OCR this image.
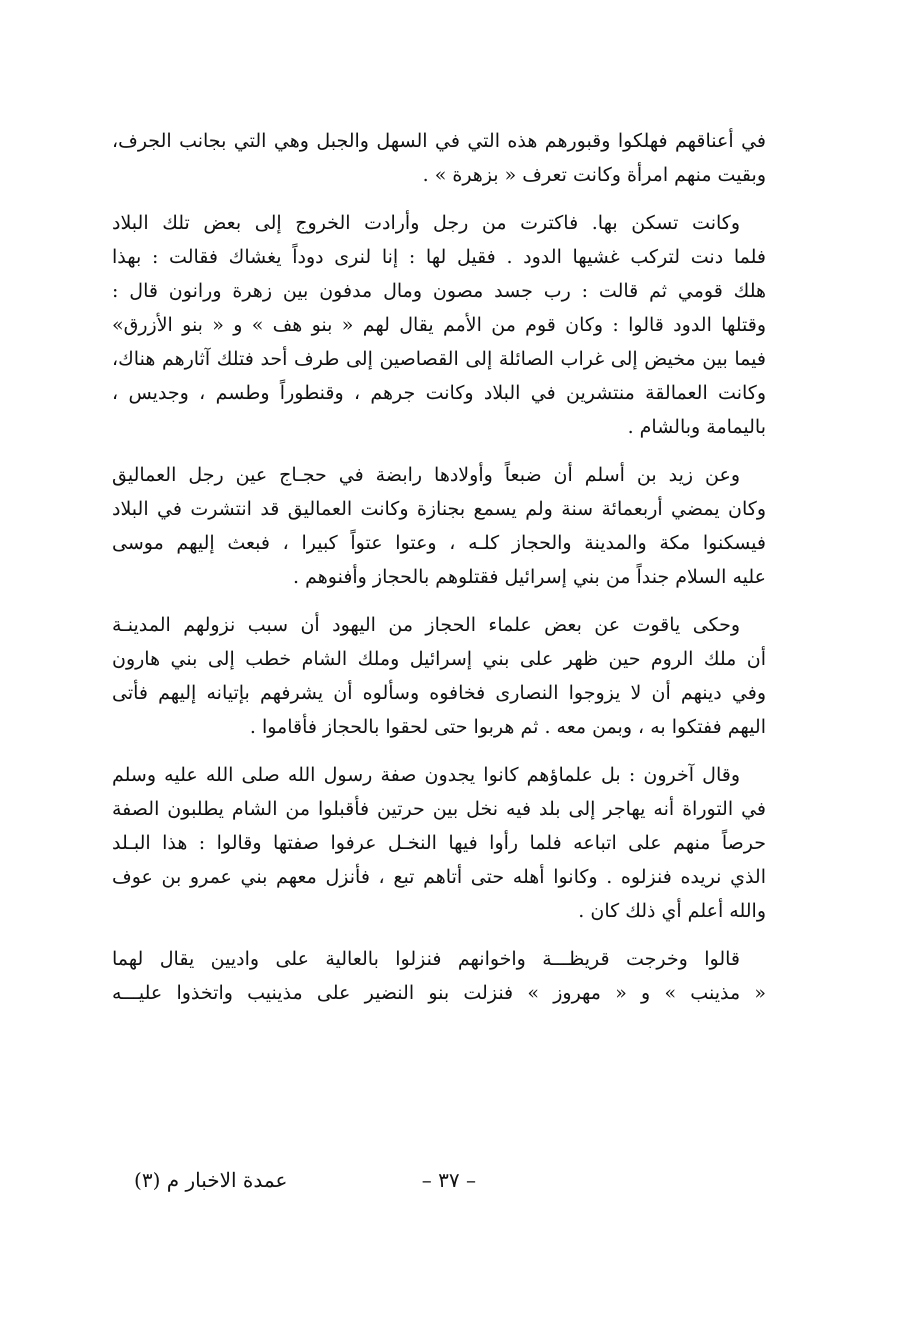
في أعناقهم فهلكوا وقبورهم هذه التي في السهل والجبل وهي التي بجانب الجرف،
وبقيت منهم امرأة وكانت تعرف « بزهرة » .

وكانت تسكن بها. فاكترت من رجل وأرادت الخروج إلى بعض تلك البلاد
فلما دنت لتركب غشيها الدود . فقيل لها : إنا لنرى دوداً يغشاك فقالت : بهذا
هلك قومي ثم قالت : رب جسد مصون ومال مدفون بين زهرة ورانون قال :
وقتلها الدود قالوا : وكان قوم من الأمم يقال لهم « بنو هف » و « بنو الأزرق»
فيما بين مخيض إلى غراب الصائلة إلى القصاصين إلى طرف أحد فتلك آثارهم هناك،
وكانت العمالقة منتشرين في البلاد وكانت جرهم ، وقنطوراً وطسم ، وجديس ،
باليمامة وبالشام .

وعن زيد بن أسلم أن ضبعاً وأولادها رابضة في حجـاج عين رجل العماليق
وكان يمضي أربعمائة سنة ولم يسمع بجنازة وكانت العماليق قد انتشرت في البلاد
فيسكنوا مكة والمدينة والحجاز كلـه ، وعتوا عتواً كبيرا ، فبعث إليهم موسى
عليه السلام جنداً من بني إسرائيل فقتلوهم بالحجاز وأفنوهم .

وحكى ياقوت عن بعض علماء الحجاز من اليهود أن سبب نزولهم المدينـة
أن ملك الروم حين ظهر على بني إسرائيل وملك الشام خطب إلى بني هارون
وفي دينهم أن لا يزوجوا النصارى فخافوه وسألوه أن يشرفهم بإتيانه إليهم فأتى
اليهم ففتكوا به ، وبمن معه . ثم هربوا حتى لحقوا بالحجاز فأقاموا .

وقال آخرون : بل علماؤهم كانوا يجدون صفة رسول الله صلى الله عليه وسلم
في التوراة أنه يهاجر إلى بلد فيه نخل بين حرتين فأقبلوا من الشام يطلبون الصفة
حرصاً منهم على اتباعه فلما رأوا فيها النخـل عرفوا صفتها وقالوا : هذا البـلد
الذي نريده فنزلوه . وكانوا أهله حتى أتاهم تبع ، فأنزل معهم بني عمرو بن عوف
والله أعلم أي ذلك كان .

قالوا وخرجت قريظـــة واخوانهم فنزلوا بالعالية على واديين يقال لهما
« مذينب » و « مهروز » فنزلت بنو النضير على مذينيب واتخذوا عليـــه

– ٣٧ –
عمدة الاخبار م (٣)
